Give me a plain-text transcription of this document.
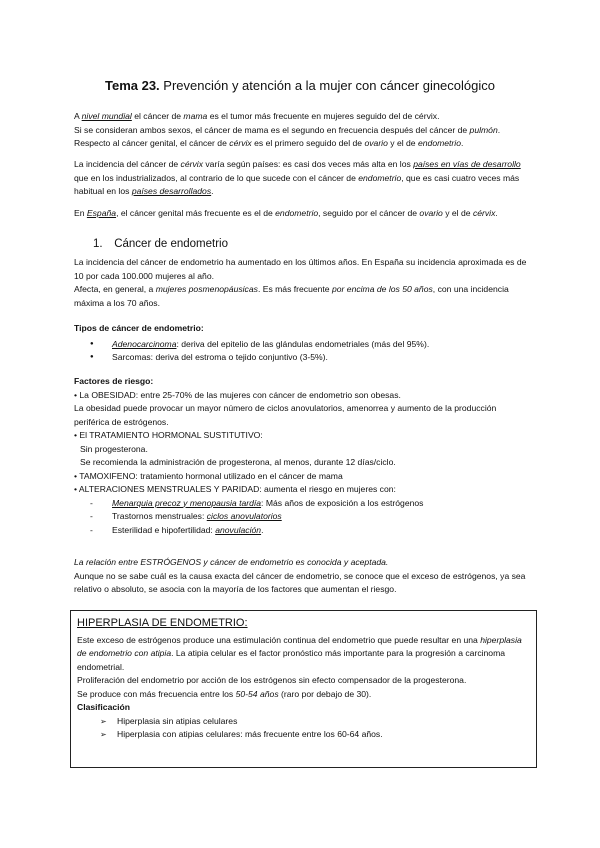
Tema 23. Prevención y atención a la mujer con cáncer ginecológico

A nivel mundial el cáncer de mama es el tumor más frecuente en mujeres seguido del de cérvix.

Si se consideran ambos sexos, el cáncer de mama es el segundo en frecuencia después del cáncer de pulmón.

Respecto al cáncer genital, el cáncer de cérvix es el primero seguido del de ovario y el de endometrio.

La incidencia del cáncer de cérvix varía según países: es casi dos veces más alta en los países en vías de desarrollo que en los industrializados, al contrario de lo que sucede con el cáncer de endometrio, que es casi cuatro veces más habitual en los países desarrollados.

En España, el cáncer genital más frecuente es el de endometrio, seguido por el cáncer de ovario y el de cérvix.

1. Cáncer de endometrio

La incidencia del cáncer de endometrio ha aumentado en los últimos años. En España su incidencia aproximada es de 10 por cada 100.000 mujeres al año.

Afecta, en general, a mujeres posmenopáusicas. Es más frecuente por encima de los 50 años, con una incidencia máxima a los 70 años.

Tipos de cáncer de endometrio:

● Adenocarcinoma: deriva del epitelio de las glándulas endometriales (más del 95%).
● Sarcomas: deriva del estroma o tejido conjuntivo (3-5%).

Factores de riesgo:

• La OBESIDAD: entre 25-70% de las mujeres con cáncer de endometrio son obesas.

La obesidad puede provocar un mayor número de ciclos anovulatorios, amenorrea y aumento de la producción periférica de estrógenos.

• El TRATAMIENTO HORMONAL SUSTITUTIVO:

Sin progesterona.

Se recomienda la administración de progesterona, al menos, durante 12 días/ciclo.

• TAMOXIFENO: tratamiento hormonal utilizado en el cáncer de mama

• ALTERACIONES MENSTRUALES Y PARIDAD: aumenta el riesgo en mujeres con:

- Menarquia precoz y menopausia tardía: Más años de exposición a los estrógenos
- Trastornos menstruales: ciclos anovulatorios
- Esterilidad e hipofertilidad: anovulación.

La relación entre ESTRÓGENOS y cáncer de endometrio es conocida y aceptada.

Aunque no se sabe cuál es la causa exacta del cáncer de endometrio, se conoce que el exceso de estrógenos, ya sea relativo o absoluto, se asocia con la mayoría de los factores que aumentan el riesgo.

HIPERPLASIA DE ENDOMETRIO:

Este exceso de estrógenos produce una estimulación continua del endometrio que puede resultar en una hiperplasia de endometrio con atipia. La atipia celular es el factor pronóstico más importante para la progresión a carcinoma endometrial.

Proliferación del endometrio por acción de los estrógenos sin efecto compensador de la progesterona.

Se produce con más frecuencia entre los 50-54 años (raro por debajo de 30).

Clasificación

➢ Hiperplasia sin atipias celulares
➢ Hiperplasia con atipias celulares: más frecuente entre los 60-64 años.
